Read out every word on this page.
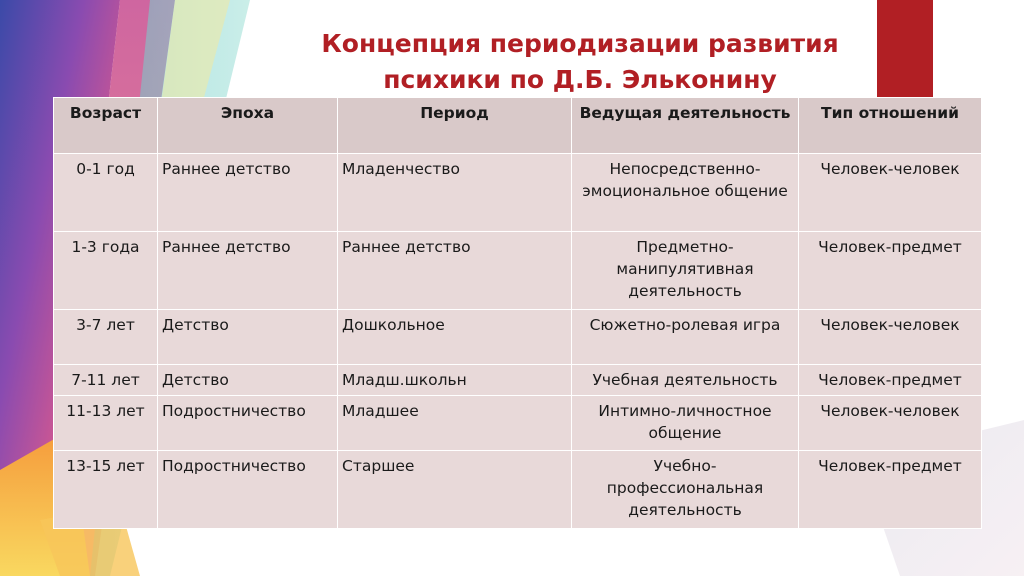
Концепция периодизации развития
психики по Д.Б. Эльконину
Возраст	Эпоха	Период	Ведущая деятельность	Тип отношений
0-1 год	Раннее детство	Младенчество	Непосредственно-эмоциональное общение	Человек-человек
1-3 года	Раннее детство	Раннее детство	Предметно-манипулятивная деятельность	Человек-предмет
3-7 лет	Детство	Дошкольное	Сюжетно-ролевая игра	Человек-человек
7-11 лет	Детство	Младш.школьн	Учебная деятельность	Человек-предмет
11-13 лет	Подростничество	Младшее	Интимно-личностное общение	Человек-человек
13-15 лет	Подростничество	Старшее	Учебно-профессиональная деятельность	Человек-предмет
